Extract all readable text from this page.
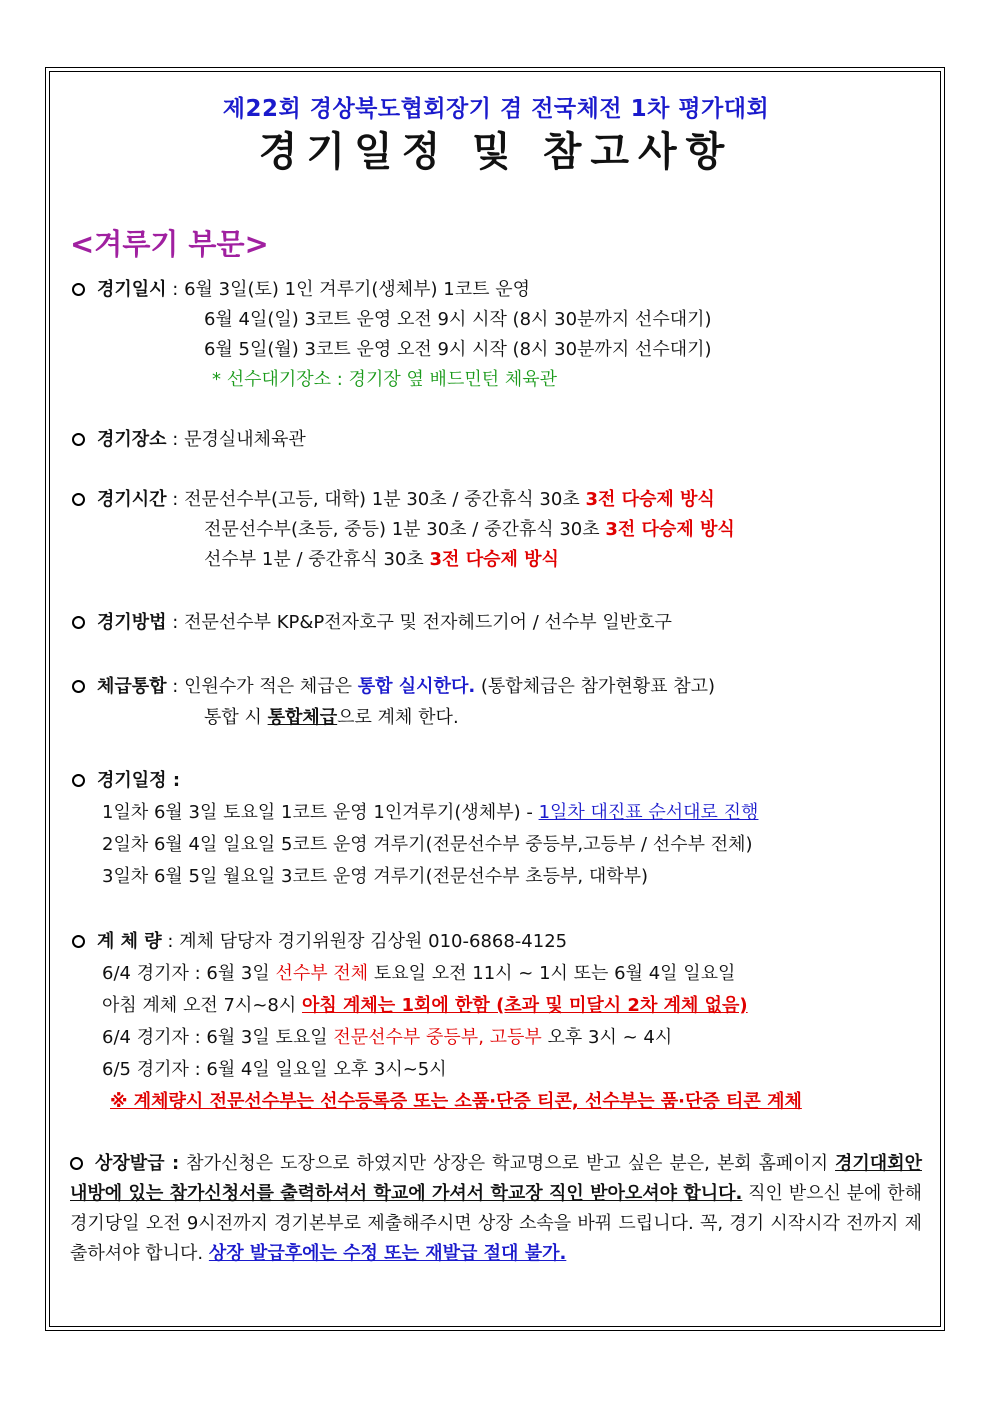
제22회 경상북도협회장기 겸 전국체전 1차 평가대회
경기일정 및 참고사항
<겨루기 부문>
경기일시 : 6월 3일(토) 1인 겨루기(생체부) 1코트 운영
6월 4일(일) 3코트 운영 오전 9시 시작 (8시 30분까지 선수대기)
6월 5일(월) 3코트 운영 오전 9시 시작 (8시 30분까지 선수대기)
* 선수대기장소 : 경기장 옆 배드민턴 체육관
경기장소 : 문경실내체육관
경기시간 : 전문선수부(고등, 대학) 1분 30초 / 중간휴식 30초 3전 다승제 방식
전문선수부(초등, 중등) 1분 30초 / 중간휴식 30초 3전 다승제 방식
선수부 1분 / 중간휴식 30초 3전 다승제 방식
경기방법 : 전문선수부 KP&P전자호구 및 전자헤드기어 / 선수부 일반호구
체급통합 : 인원수가 적은 체급은 통합 실시한다. (통합체급은 참가현황표 참고)
통합 시 통합체급으로 계체 한다.
경기일정 :
1일차 6월 3일 토요일 1코트 운영 1인겨루기(생체부) - 1일차 대진표 순서대로 진행
2일차 6월 4일 일요일 5코트 운영 겨루기(전문선수부 중등부,고등부 / 선수부 전체)
3일차 6월 5일 월요일 3코트 운영 겨루기(전문선수부 초등부, 대학부)
계 체 량 : 계체 담당자 경기위원장 김상원 010-6868-4125
6/4 경기자 : 6월 3일 선수부 전체 토요일 오전 11시 ~ 1시 또는 6월 4일 일요일
아침 계체 오전 7시~8시 아침 계체는 1회에 한함 (초과 및 미달시 2차 계체 없음)
6/4 경기자 : 6월 3일 토요일 전문선수부 중등부, 고등부 오후 3시 ~ 4시
6/5 경기자 : 6월 4일 일요일 오후 3시~5시
※ 계체량시 전문선수부는 선수등록증 또는 소품·단증 티콘, 선수부는 품·단증 티콘 계체
상장발급 : 참가신청은 도장으로 하였지만 상장은 학교명으로 받고 싶은 분은, 본회 홈페이지 경기대회안내방에 있는 참가신청서를 출력하셔서 학교에 가셔서 학교장 직인 받아오셔야 합니다. 직인 받으신 분에 한해 경기당일 오전 9시전까지 경기본부로 제출해주시면 상장 소속을 바꿔 드립니다. 꼭, 경기 시작시각 전까지 제출하셔야 합니다. 상장 발급후에는 수정 또는 재발급 절대 불가.
